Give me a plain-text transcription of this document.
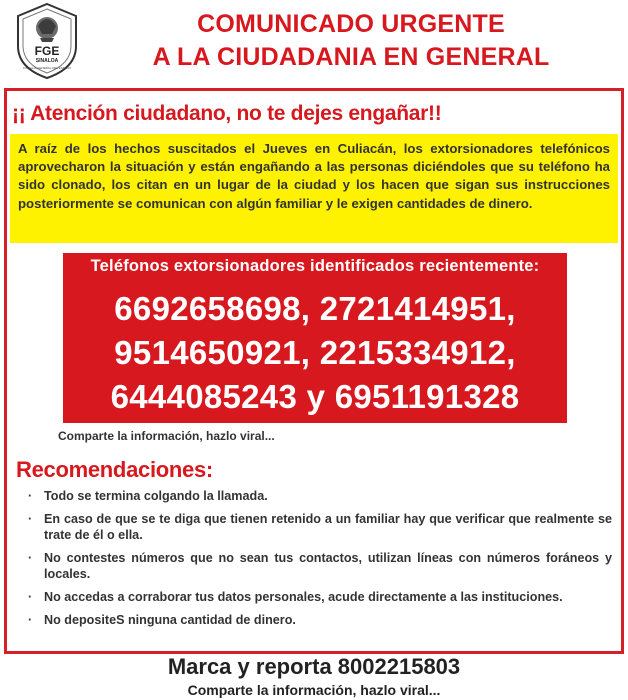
FGE
SINALOA
FISCALÍA GENERAL DEL ESTADO
COMUNICADO URGENTE
A LA CIUDADANIA EN GENERAL
¡¡ Atención ciudadano, no te dejes engañar!!

A raíz de los hechos suscitados el Jueves en Culiacán, los extorsionadores telefónicos aprovecharon la situación y están engañando a las personas diciéndoles que su teléfono ha sido clonado, los citan en un lugar de la ciudad y los hacen que sigan sus instrucciones posteriormente se comunican con algún familiar y le exigen cantidades de dinero.

Teléfonos extorsionadores identificados recientemente:
6692658698, 2721414951,
9514650921, 2215334912,
6444085243 y 6951191328
Comparte la información, hazlo viral...
Recomendaciones:
· Todo se termina colgando la llamada.
· En caso de que se te diga que tienen retenido a un familiar hay que verificar que realmente se trate de él o ella.
· No contestes números que no sean tus contactos, utilizan líneas con números foráneos y locales.
· No accedas a corraborar tus datos personales, acude directamente a las instituciones.
· No depositeS ninguna cantidad de dinero.
Marca y reporta 8002215803
Comparte la información, hazlo viral...
